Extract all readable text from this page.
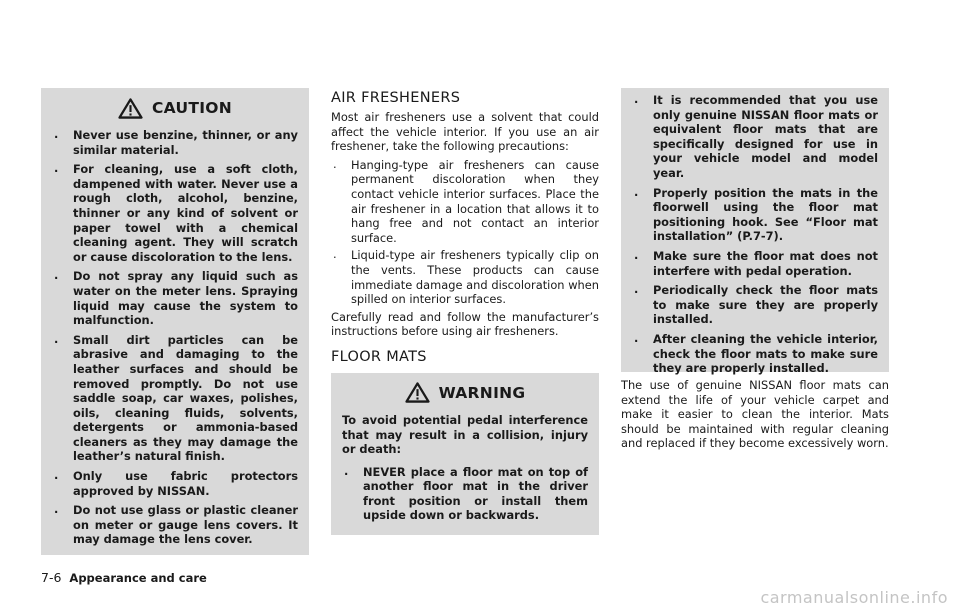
CAUTION
. Never use benzine, thinner, or any similar material.
. For cleaning, use a soft cloth, dampened with water. Never use a rough cloth, alcohol, benzine, thinner or any kind of solvent or paper towel with a chemical cleaning agent. They will scratch or cause discoloration to the lens.
. Do not spray any liquid such as water on the meter lens. Spraying liquid may cause the system to malfunction.
. Small dirt particles can be abrasive and damaging to the leather surfaces and should be removed promptly. Do not use saddle soap, car waxes, polishes, oils, cleaning fluids, solvents, detergents or ammonia-based cleaners as they may damage the leather’s natural finish.
. Only use fabric protectors approved by NISSAN.
. Do not use glass or plastic cleaner on meter or gauge lens covers. It may damage the lens cover.
AIR FRESHENERS

Most air fresheners use a solvent that could affect the vehicle interior. If you use an air freshener, take the following precautions:

. Hanging-type air fresheners can cause permanent discoloration when they contact vehicle interior surfaces. Place the air freshener in a location that allows it to hang free and not contact an interior surface.
. Liquid-type air fresheners typically clip on the vents. These products can cause immediate damage and discoloration when spilled on interior surfaces.

Carefully read and follow the manufacturer’s instructions before using air fresheners.

FLOOR MATS
WARNING

To avoid potential pedal interference that may result in a collision, injury or death:

. NEVER place a floor mat on top of another floor mat in the driver front position or install them upside down or backwards.
. It is recommended that you use only genuine NISSAN floor mats or equivalent floor mats that are specifically designed for use in your vehicle model and model year.
. Properly position the mats in the floorwell using the floor mat positioning hook. See “Floor mat installation” (P.7-7).
. Make sure the floor mat does not interfere with pedal operation.
. Periodically check the floor mats to make sure they are properly installed.
. After cleaning the vehicle interior, check the floor mats to make sure they are properly installed.

The use of genuine NISSAN floor mats can extend the life of your vehicle carpet and make it easier to clean the interior. Mats should be maintained with regular cleaning and replaced if they become excessively worn.

7-6 Appearance and care
carmanualsonline.info
